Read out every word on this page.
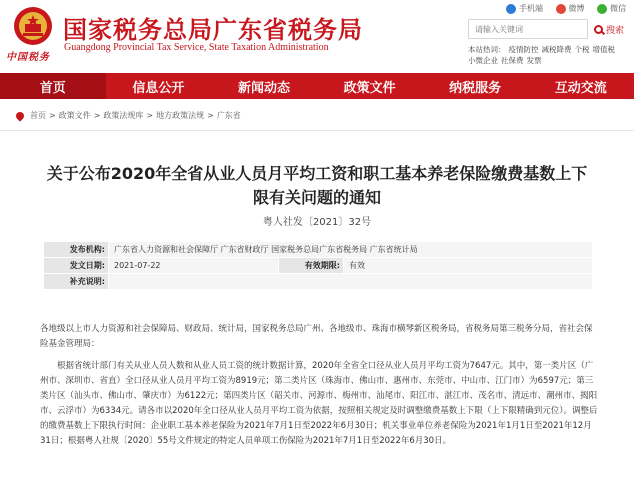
中国税务
国家税务总局广东省税务局
Guangdong Provincial Tax Service, State Taxation Administration
手机端
	微博
	微信
请输入关键词
搜索
本站热词： 疫情防控 减税降费 个税 增值税小微企业 社保费 发票
首页	信息公开	新闻动态	政策文件	纳税服务	互动交流
首页 > 政策文件 > 政策法规库 > 地方政策法规 > 广东省
关于公布2020年全省从业人员月平均工资和职工基本养老保险缴费基数上下限有关问题的通知
粤人社发〔2021〕32号
发布机构:	广东省人力资源和社会保障厅 广东省财政厅 国家税务总局广东省税务局 广东省统计局		
发文日期:	2021-07-22	有效期限:	有效
补充说明:			

各地级以上市人力资源和社会保障局、财政局、统计局，国家税务总局广州、各地级市、珠海市横琴新区税务局，省税务局第三税务分局，省社会保险基金管理局：

根据省统计部门有关从业人员人数和从业人员工资的统计数据计算，2020年全省全口径从业人员月平均工资为7647元。其中，第一类片区（广州市、深圳市、省直）全口径从业人员月平均工资为8919元；第二类片区（珠海市、佛山市、惠州市、东莞市、中山市、江门市）为6597元；第三类片区（汕头市、佛山市、肇庆市）为6122元；第四类片区（韶关市、河源市、梅州市、汕尾市、阳江市、湛江市、茂名市、清远市、潮州市、揭阳市、云浮市）为6334元。请各市以2020年全口径从业人员月平均工资为依据，按照相关规定及时调整缴费基数上下限（上下限精确到元位）。调整后的缴费基数上下限执行时间：企业职工基本养老保险为2021年7月1日至2022年6月30日；机关事业单位养老保险为2021年1月1日至2021年12月31日；根据粤人社规〔2020〕55号文件规定的特定人员单项工伤保险为2021年7月1日至2022年6月30日。
